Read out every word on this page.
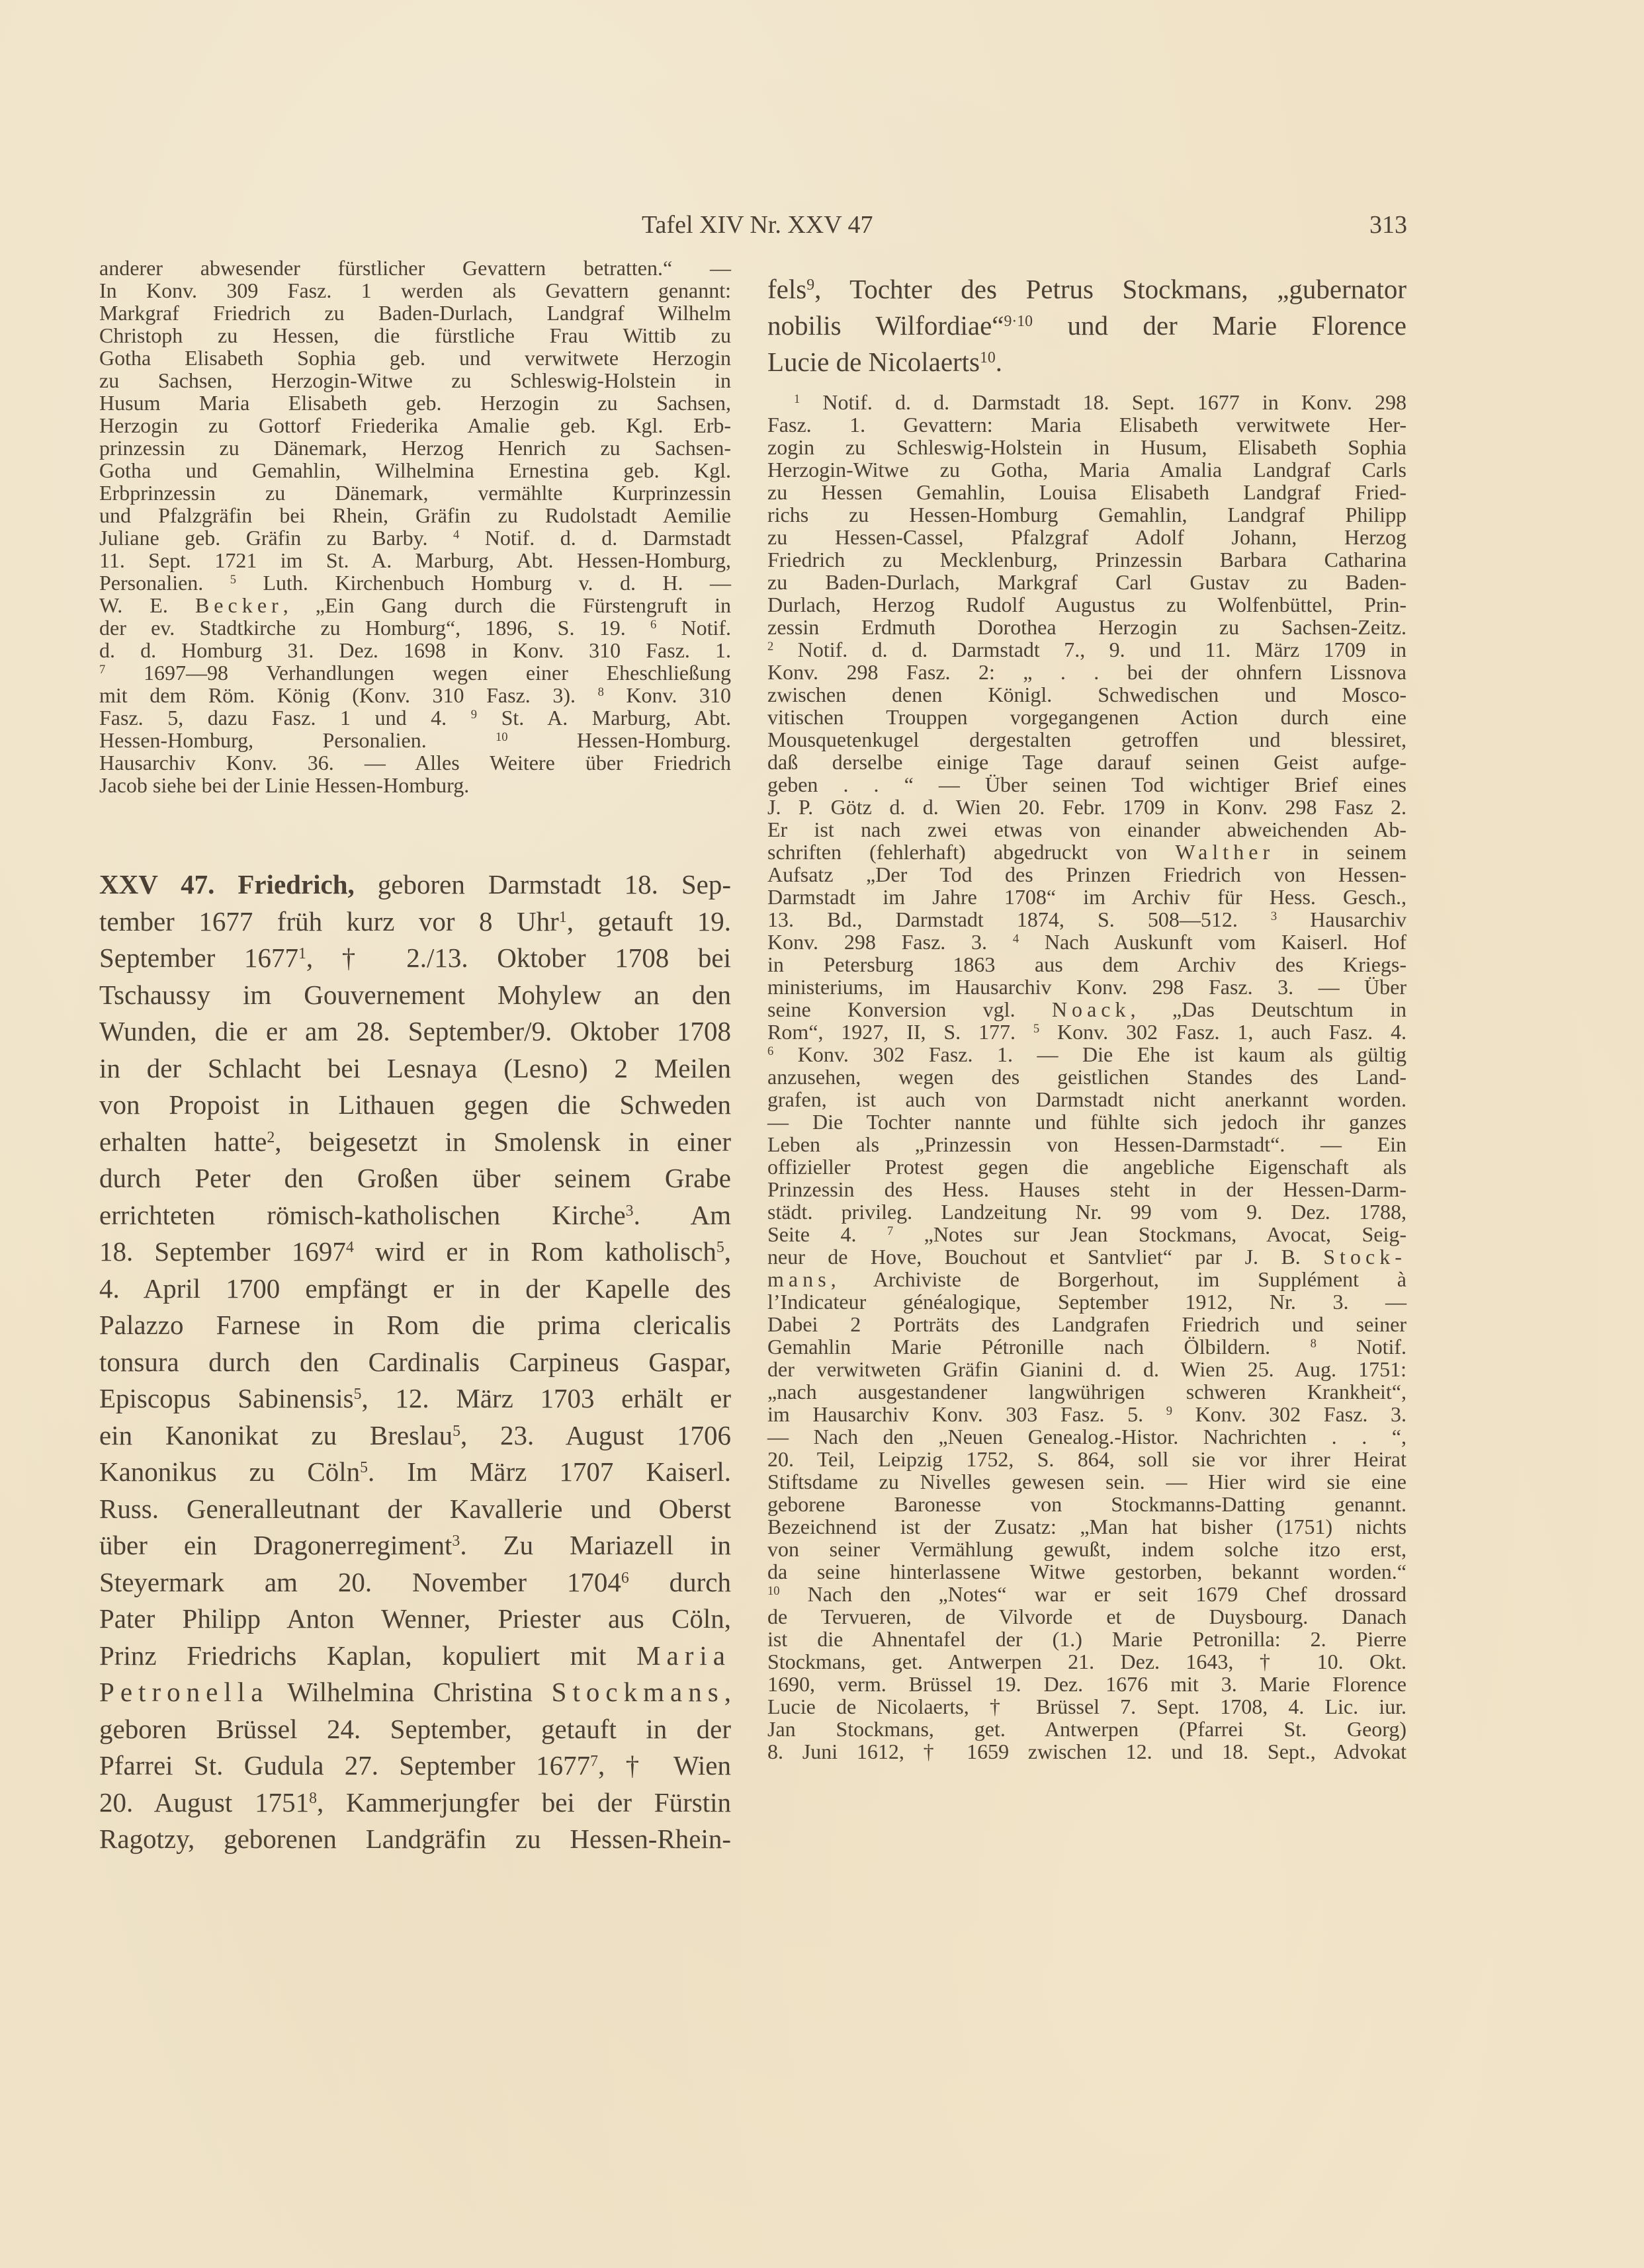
Tafel XIV Nr. XXV 47	313
anderer abwesender fürstlicher Gevattern betratten.“ —
In Konv. 309 Fasz. 1 werden als Gevattern genannt:
Markgraf Friedrich zu Baden-Durlach, Landgraf Wilhelm
Christoph zu Hessen, die fürstliche Frau Wittib zu
Gotha Elisabeth Sophia geb. und verwitwete Herzogin
zu Sachsen, Herzogin-Witwe zu Schleswig-Holstein in
Husum Maria Elisabeth geb. Herzogin zu Sachsen,
Herzogin zu Gottorf Friederika Amalie geb. Kgl. Erb-
prinzessin zu Dänemark, Herzog Henrich zu Sachsen-
Gotha und Gemahlin, Wilhelmina Ernestina geb. Kgl.
Erbprinzessin zu Dänemark, vermählte Kurprinzessin
und Pfalzgräfin bei Rhein, Gräfin zu Rudolstadt Aemilie
Juliane geb. Gräfin zu Barby. $^4$ Notif. d. d. Darmstadt
11. Sept. 1721 im St. A. Marburg, Abt. Hessen-Homburg,
Personalien. $^5$ Luth. Kirchenbuch Homburg v. d. H. —
W. E. Becker, „Ein Gang durch die Fürstengruft in
der ev. Stadtkirche zu Homburg“, 1896, S. 19. $^6$ Notif.
d. d. Homburg 31. Dez. 1698 in Konv. 310 Fasz. 1.
$^7$ 1697—98 Verhandlungen wegen einer Eheschließung
mit dem Röm. König (Konv. 310 Fasz. 3). $^8$ Konv. 310
Fasz. 5, dazu Fasz. 1 und 4. $^9$ St. A. Marburg, Abt.
Hessen-Homburg, Personalien. $^{10}$ Hessen-Homburg.
Hausarchiv Konv. 36. — Alles Weitere über Friedrich
Jacob siehe bei der Linie Hessen-Homburg.
XXV 47. Friedrich, geboren Darmstadt 18. Sep-
tember 1677 früh kurz vor 8 Uhr$^1$, getauft 19.
September 1677$^1$, † 2./13. Oktober 1708 bei
Tschaussy im Gouvernement Mohylew an den
Wunden, die er am 28. September/9. Oktober 1708
in der Schlacht bei Lesnaya (Lesno) 2 Meilen
von Propoist in Lithauen gegen die Schweden
erhalten hatte$^2$, beigesetzt in Smolensk in einer
durch Peter den Großen über seinem Grabe
errichteten römisch-katholischen Kirche$^3$. Am
18. September 1697$^4$ wird er in Rom katholisch$^5$,
4. April 1700 empfängt er in der Kapelle des
Palazzo Farnese in Rom die prima clericalis
tonsura durch den Cardinalis Carpineus Gaspar,
Episcopus Sabinensis$^5$, 12. März 1703 erhält er
ein Kanonikat zu Breslau$^5$, 23. August 1706
Kanonikus zu Cöln$^5$. Im März 1707 Kaiserl.
Russ. Generalleutnant der Kavallerie und Oberst
über ein Dragonerregiment$^3$. Zu Mariazell in
Steyermark am 20. November 1704$^6$ durch
Pater Philipp Anton Wenner, Priester aus Cöln,
Prinz Friedrichs Kaplan, kopuliert mit Maria
Petronella Wilhelmina Christina Stockmans,
geboren Brüssel 24. September, getauft in der
Pfarrei St. Gudula 27. September 1677$^7$, † Wien
20. August 1751$^8$, Kammerjungfer bei der Fürstin
Ragotzy, geborenen Landgräfin zu Hessen-Rhein-
fels$^9$, Tochter des Petrus Stockmans, „gubernator
nobilis Wilfordiae“$^{9\cdot 10}$ und der Marie Florence
Lucie de Nicolaerts$^{10}$.
$^1$ Notif. d. d. Darmstadt 18. Sept. 1677 in Konv. 298
Fasz. 1. Gevattern: Maria Elisabeth verwitwete Her-
zogin zu Schleswig-Holstein in Husum, Elisabeth Sophia
Herzogin-Witwe zu Gotha, Maria Amalia Landgraf Carls
zu Hessen Gemahlin, Louisa Elisabeth Landgraf Fried-
richs zu Hessen-Homburg Gemahlin, Landgraf Philipp
zu Hessen-Cassel, Pfalzgraf Adolf Johann, Herzog
Friedrich zu Mecklenburg, Prinzessin Barbara Catharina
zu Baden-Durlach, Markgraf Carl Gustav zu Baden-
Durlach, Herzog Rudolf Augustus zu Wolfenbüttel, Prin-
zessin Erdmuth Dorothea Herzogin zu Sachsen-Zeitz.
$^2$ Notif. d. d. Darmstadt 7., 9. und 11. März 1709 in
Konv. 298 Fasz. 2: „ . . bei der ohnfern Lissnova
zwischen denen Königl. Schwedischen und Mosco-
vitischen Trouppen vorgegangenen Action durch eine
Mousquetenkugel dergestalten getroffen und blessiret,
daß derselbe einige Tage darauf seinen Geist aufge-
geben . . “ — Über seinen Tod wichtiger Brief eines
J. P. Götz d. d. Wien 20. Febr. 1709 in Konv. 298 Fasz 2.
Er ist nach zwei etwas von einander abweichenden Ab-
schriften (fehlerhaft) abgedruckt von Walther in seinem
Aufsatz „Der Tod des Prinzen Friedrich von Hessen-
Darmstadt im Jahre 1708“ im Archiv für Hess. Gesch.,
13. Bd., Darmstadt 1874, S. 508—512. $^3$ Hausarchiv
Konv. 298 Fasz. 3. $^4$ Nach Auskunft vom Kaiserl. Hof
in Petersburg 1863 aus dem Archiv des Kriegs-
ministeriums, im Hausarchiv Konv. 298 Fasz. 3. — Über
seine Konversion vgl. Noack, „Das Deutschtum in
Rom“, 1927, II, S. 177. $^5$ Konv. 302 Fasz. 1, auch Fasz. 4.
$^6$ Konv. 302 Fasz. 1. — Die Ehe ist kaum als gültig
anzusehen, wegen des geistlichen Standes des Land-
grafen, ist auch von Darmstadt nicht anerkannt worden.
— Die Tochter nannte und fühlte sich jedoch ihr ganzes
Leben als „Prinzessin von Hessen-Darmstadt“. — Ein
offizieller Protest gegen die angebliche Eigenschaft als
Prinzessin des Hess. Hauses steht in der Hessen-Darm-
städt. privileg. Landzeitung Nr. 99 vom 9. Dez. 1788,
Seite 4. $^7$ „Notes sur Jean Stockmans, Avocat, Seig-
neur de Hove, Bouchout et Santvliet“ par J. B. Stock-
mans, Archiviste de Borgerhout, im Supplément à
l’Indicateur généalogique, September 1912, Nr. 3. —
Dabei 2 Porträts des Landgrafen Friedrich und seiner
Gemahlin Marie Pétronille nach Ölbildern. $^8$ Notif.
der verwitweten Gräfin Gianini d. d. Wien 25. Aug. 1751:
„nach ausgestandener langwührigen schweren Krankheit“,
im Hausarchiv Konv. 303 Fasz. 5. $^9$ Konv. 302 Fasz. 3.
— Nach den „Neuen Genealog.-Histor. Nachrichten . . “,
20. Teil, Leipzig 1752, S. 864, soll sie vor ihrer Heirat
Stiftsdame zu Nivelles gewesen sein. — Hier wird sie eine
geborene Baronesse von Stockmanns-Datting genannt.
Bezeichnend ist der Zusatz: „Man hat bisher (1751) nichts
von seiner Vermählung gewußt, indem solche itzo erst,
da seine hinterlassene Witwe gestorben, bekannt worden.“
$^{10}$ Nach den „Notes“ war er seit 1679 Chef drossard
de Tervueren, de Vilvorde et de Duysbourg. Danach
ist die Ahnentafel der (1.) Marie Petronilla: 2. Pierre
Stockmans, get. Antwerpen 21. Dez. 1643, † 10. Okt.
1690, verm. Brüssel 19. Dez. 1676 mit 3. Marie Florence
Lucie de Nicolaerts, † Brüssel 7. Sept. 1708, 4. Lic. iur.
Jan Stockmans, get. Antwerpen (Pfarrei St. Georg)
8. Juni 1612, † 1659 zwischen 12. und 18. Sept., Advokat
